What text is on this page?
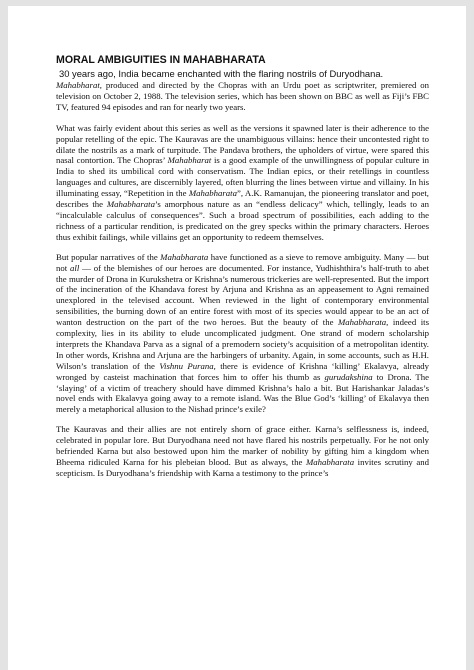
MORAL AMBIGUITIES IN MAHABHARATA
30 years ago, India became enchanted with the flaring nostrils of Duryodhana.

Mahabharat, produced and directed by the Chopras with an Urdu poet as scriptwriter, premiered on television on October 2, 1988. The television series, which has been shown on BBC as well as Fiji’s FBC TV, featured 94 episodes and ran for nearly two years.

What was fairly evident about this series as well as the versions it spawned later is their adherence to the popular retelling of the epic. The Kauravas are the unambiguous villains: hence their uncontested right to dilate the nostrils as a mark of turpitude. The Pandava brothers, the upholders of virtue, were spared this nasal contortion. The Chopras’ Mahabharat is a good example of the unwillingness of popular culture in India to shed its umbilical cord with conservatism. The Indian epics, or their retellings in countless languages and cultures, are discernibly layered, often blurring the lines between virtue and villainy. In his illuminating essay, “Repetition in the Mahabharata”, A.K. Ramanujan, the pioneering translator and poet, describes the Mahabharata’s amorphous nature as an “endless delicacy” which, tellingly, leads to an “incalculable calculus of consequences”. Such a broad spectrum of possibilities, each adding to the richness of a particular rendition, is predicated on the grey specks within the primary characters. Heroes thus exhibit failings, while villains get an opportunity to redeem themselves.

But popular narratives of the Mahabharata have functioned as a sieve to remove ambiguity. Many — but not all — of the blemishes of our heroes are documented. For instance, Yudhishthira’s half-truth to abet the murder of Drona in Kurukshetra or Krishna’s numerous trickeries are well-represented. But the import of the incineration of the Khandava forest by Arjuna and Krishna as an appeasement to Agni remained unexplored in the televised account. When reviewed in the light of contemporary environmental sensibilities, the burning down of an entire forest with most of its species would appear to be an act of wanton destruction on the part of the two heroes. But the beauty of the Mahabharata, indeed its complexity, lies in its ability to elude uncomplicated judgment. One strand of modern scholarship interprets the Khandava Parva as a signal of a premodern society’s acquisition of a metropolitan identity. In other words, Krishna and Arjuna are the harbingers of urbanity. Again, in some accounts, such as H.H. Wilson’s translation of the Vishnu Purana, there is evidence of Krishna ‘killing’ Ekalavya, already wronged by casteist machination that forces him to offer his thumb as gurudakshina to Drona. The ‘slaying’ of a victim of treachery should have dimmed Krishna’s halo a bit. But Harishankar Jaladas’s novel ends with Ekalavya going away to a remote island. Was the Blue God’s ‘killing’ of Ekalavya then merely a metaphorical allusion to the Nishad prince’s exile?

The Kauravas and their allies are not entirely shorn of grace either. Karna’s selflessness is, indeed, celebrated in popular lore. But Duryodhana need not have flared his nostrils perpetually. For he not only befriended Karna but also bestowed upon him the marker of nobility by gifting him a kingdom when Bheema ridiculed Karna for his plebeian blood. But as always, the Mahabharata invites scrutiny and scepticism. Is Duryodhana’s friendship with Karna a testimony to the prince’s
